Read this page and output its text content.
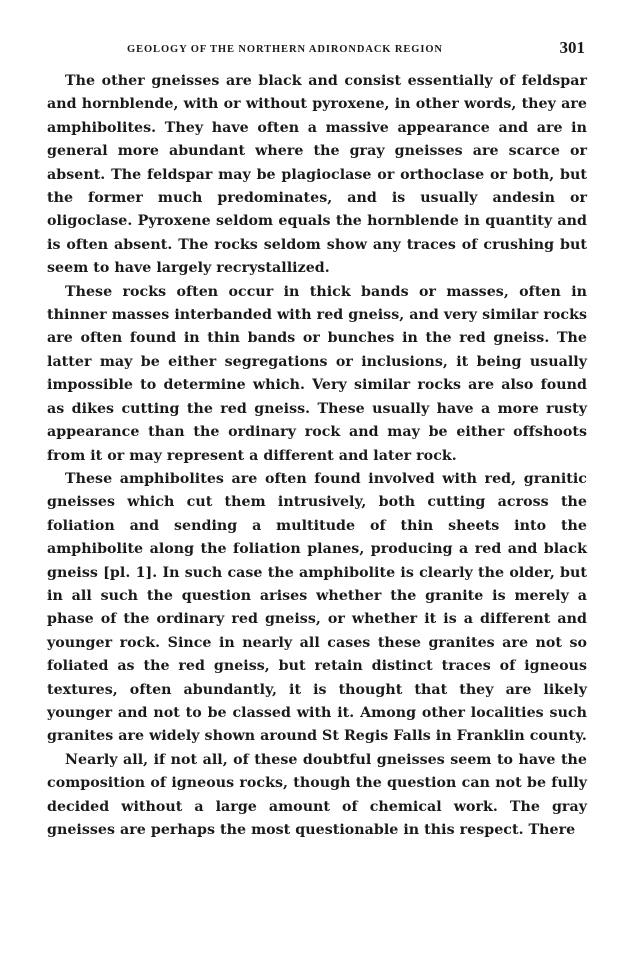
GEOLOGY OF THE NORTHERN ADIRONDACK REGION	301

The other gneisses are black and consist essentially of feldspar and hornblende, with or without pyroxene, in other words, they are amphibolites. They have often a massive appearance and are in general more abundant where the gray gneisses are scarce or absent. The feldspar may be plagioclase or orthoclase or both, but the former much predominates, and is usually andesin or oligoclase. Pyroxene seldom equals the hornblende in quantity and is often absent. The rocks seldom show any traces of crushing but seem to have largely recrystallized.

These rocks often occur in thick bands or masses, often in thinner masses interbanded with red gneiss, and very similar rocks are often found in thin bands or bunches in the red gneiss. The latter may be either segregations or inclusions, it being usually impossible to determine which. Very similar rocks are also found as dikes cutting the red gneiss. These usually have a more rusty appearance than the ordinary rock and may be either offshoots from it or may represent a different and later rock.

These amphibolites are often found involved with red, granitic gneisses which cut them intrusively, both cutting across the foliation and sending a multitude of thin sheets into the amphibolite along the foliation planes, producing a red and black gneiss [pl. 1]. In such case the amphibolite is clearly the older, but in all such the question arises whether the granite is merely a phase of the ordinary red gneiss, or whether it is a different and younger rock. Since in nearly all cases these granites are not so foliated as the red gneiss, but retain distinct traces of igneous textures, often abundantly, it is thought that they are likely younger and not to be classed with it. Among other localities such granites are widely shown around St Regis Falls in Franklin county.

Nearly all, if not all, of these doubtful gneisses seem to have the composition of igneous rocks, though the question can not be fully decided without a large amount of chemical work. The gray gneisses are perhaps the most questionable in this respect. There
